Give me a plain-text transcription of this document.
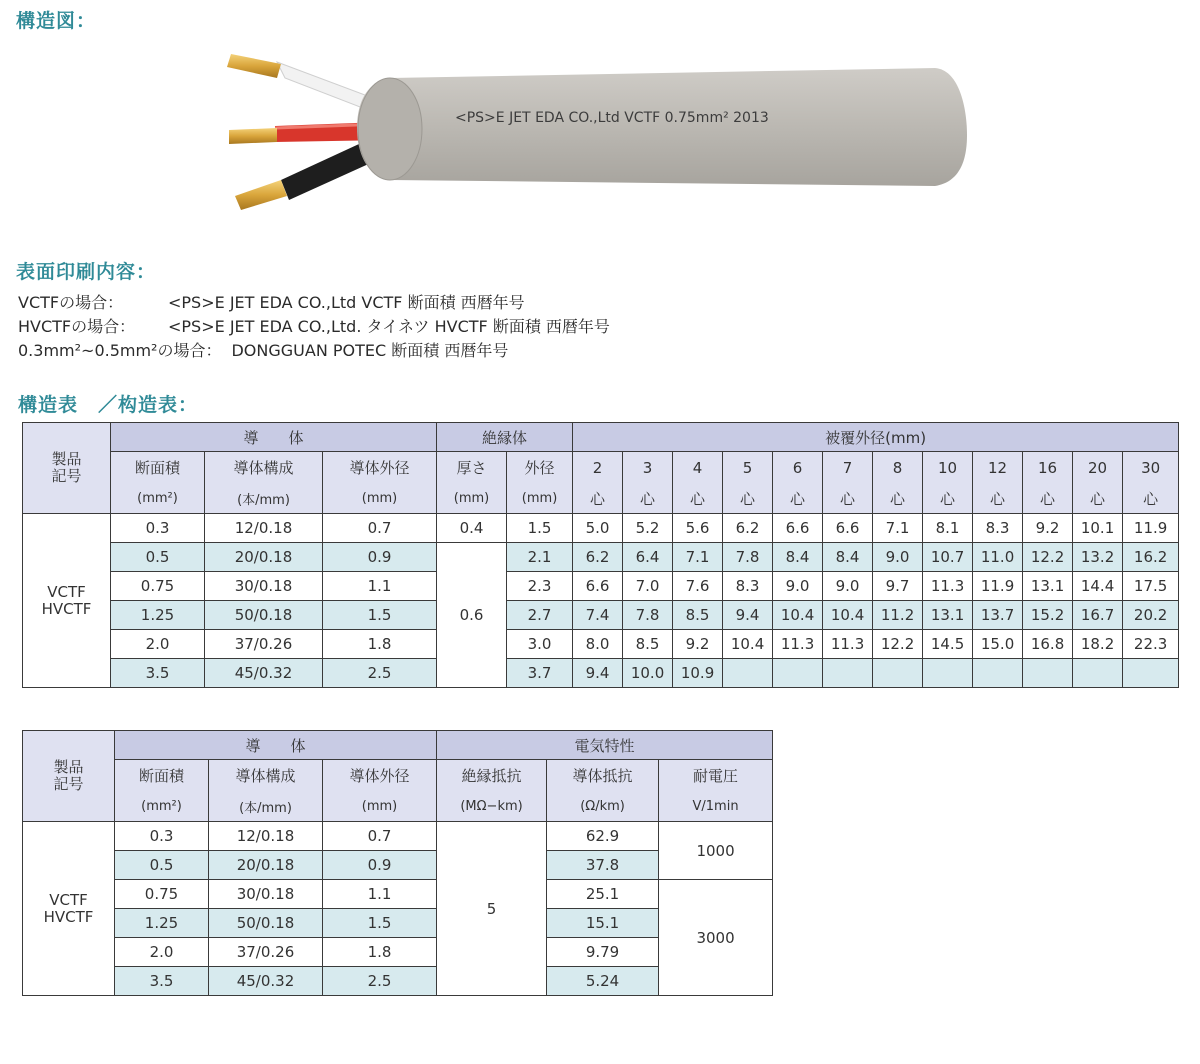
構造図：
表面印刷内容：
構造表　／构造表：
<PS>E JET EDA CO.,Ltd VCTF 0.75mm² 2013
VCTFの場合：	<PS>E JET EDA CO.,Ltd VCTF 断面積 西暦年号
HVCTFの場合： <PS>E JET EDA CO.,Ltd. タイネツ HVCTF 断面積 西暦年号
0.3mm²~0.5mm²の場合： DONGGUAN POTEC 断面積 西暦年号
製品
記号	導　　体			絶縁体		被覆外径(mm)											
	断面積	導体構成	導体外径	厚さ	外径	2	3	4	5	6	7	8	10	12	16	20	30
	(mm²)	(本/mm)	(mm)	(mm)	(mm)	心	心	心	心	心	心	心	心	心	心	心	心
VCTF
HVCTF	0.3	12/0.18	0.7	0.4	1.5	5.0	5.2	5.6	6.2	6.6	6.6	7.1	8.1	8.3	9.2	10.1	11.9
	0.5	20/0.18	0.9	0.6	2.1	6.2	6.4	7.1	7.8	8.4	8.4	9.0	10.7	11.0	12.2	13.2	16.2
	0.75	30/0.18	1.1		2.3	6.6	7.0	7.6	8.3	9.0	9.0	9.7	11.3	11.9	13.1	14.4	17.5
	1.25	50/0.18	1.5		2.7	7.4	7.8	8.5	9.4	10.4	10.4	11.2	13.1	13.7	15.2	16.7	20.2
	2.0	37/0.26	1.8		3.0	8.0	8.5	9.2	10.4	11.3	11.3	12.2	14.5	15.0	16.8	18.2	22.3
	3.5	45/0.32	2.5		3.7	9.4	10.0	10.9									
製品
記号	導　　体			電気特性		
	断面積	導体構成	導体外径	絶縁抵抗	導体抵抗	耐電圧
	(mm²)	(本/mm)	(mm)	(MΩ−km)	(Ω/km)	V/1min
VCTF
HVCTF	0.3	12/0.18	0.7	5	62.9	1000
	0.5	20/0.18	0.9		37.8	
	0.75	30/0.18	1.1		25.1	3000
	1.25	50/0.18	1.5		15.1	
	2.0	37/0.26	1.8		9.79	
	3.5	45/0.32	2.5		5.24	
